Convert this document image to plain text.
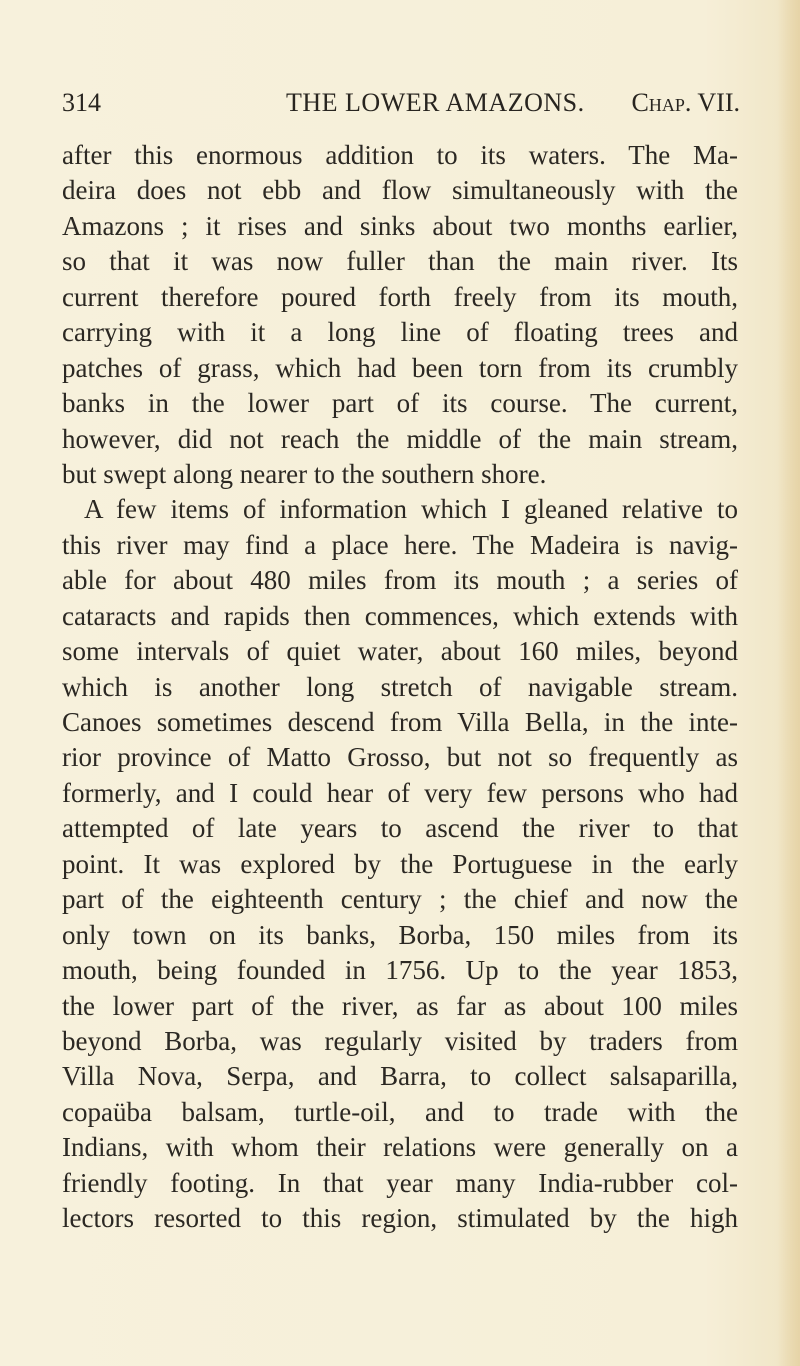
314	THE LOWER AMAZONS. Chap. VII.
after this enormous addition to its waters. The Ma-
deira does not ebb and flow simultaneously with the
Amazons ; it rises and sinks about two months earlier,
so that it was now fuller than the main river. Its
current therefore poured forth freely from its mouth,
carrying with it a long line of floating trees and
patches of grass, which had been torn from its crumbly
banks in the lower part of its course. The current,
however, did not reach the middle of the main stream,
but swept along nearer to the southern shore.
A few items of information which I gleaned relative to
this river may find a place here. The Madeira is navig-
able for about 480 miles from its mouth ; a series of
cataracts and rapids then commences, which extends with
some intervals of quiet water, about 160 miles, beyond
which is another long stretch of navigable stream.
Canoes sometimes descend from Villa Bella, in the inte-
rior province of Matto Grosso, but not so frequently as
formerly, and I could hear of very few persons who had
attempted of late years to ascend the river to that
point. It was explored by the Portuguese in the early
part of the eighteenth century ; the chief and now the
only town on its banks, Borba, 150 miles from its
mouth, being founded in 1756. Up to the year 1853,
the lower part of the river, as far as about 100 miles
beyond Borba, was regularly visited by traders from
Villa Nova, Serpa, and Barra, to collect salsaparilla,
copaüba balsam, turtle-oil, and to trade with the
Indians, with whom their relations were generally on a
friendly footing. In that year many India-rubber col-
lectors resorted to this region, stimulated by the high
